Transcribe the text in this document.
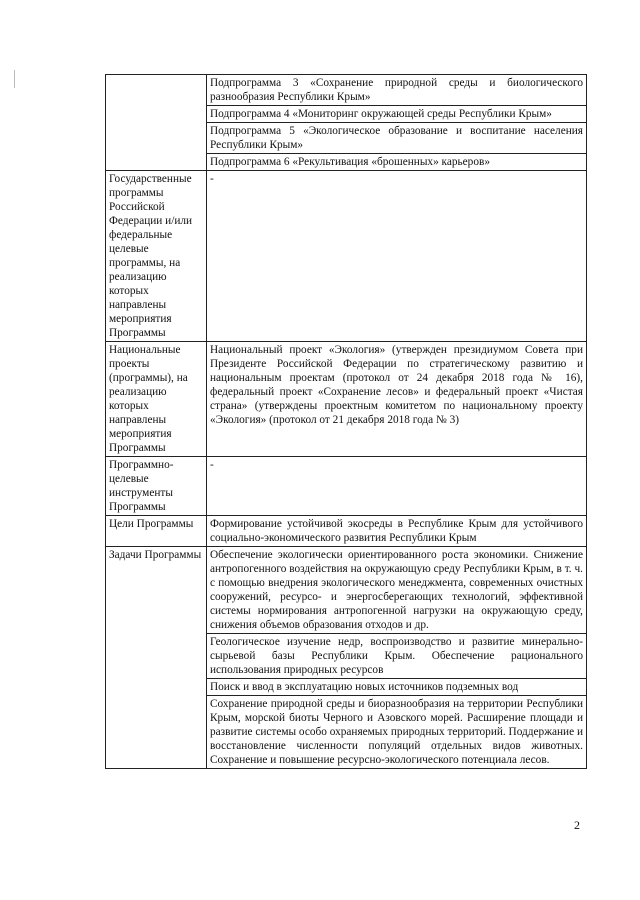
	Подпрограмма 3 «Сохранение природной среды и биологического разнообразия Республики Крым»
	Подпрограмма 4 «Мониторинг окружающей среды Республики Крым»
	Подпрограмма 5 «Экологическое образование и воспитание населения Республики Крым»
	Подпрограмма 6 «Рекультивация «брошенных» карьеров»
Государственные программы Российской Федерации и/или федеральные целевые программы, на реализацию которых направлены мероприятия Программы	-
Национальные проекты (программы), на реализацию которых направлены мероприятия Программы	Национальный проект «Экология» (утвержден президиумом Совета при Президенте Российской Федерации по стратегическому развитию и национальным проектам (протокол от 24 декабря 2018 года № 16), федеральный проект «Сохранение лесов» и федеральный проект «Чистая страна» (утверждены проектным комитетом по национальному проекту «Экология» (протокол от 21 декабря 2018 года № 3)
Программно-целевые инструменты Программы	-
Цели Программы	Формирование устойчивой экосреды в Республике Крым для устойчивого социально-экономического развития Республики Крым
Задачи Программы	Обеспечение экологически ориентированного роста экономики. Снижение антропогенного воздействия на окружающую среду Республики Крым, в т. ч. с помощью внедрения экологического менеджмента, современных очистных сооружений, ресурсо- и энергосберегающих технологий, эффективной системы нормирования антропогенной нагрузки на окружающую среду, снижения объемов образования отходов и др.
	Геологическое изучение недр, воспроизводство и развитие минерально-сырьевой базы Республики Крым. Обеспечение рационального использования природных ресурсов
	Поиск и ввод в эксплуатацию новых источников подземных вод
	Сохранение природной среды и биоразнообразия на территории Республики Крым, морской биоты Черного и Азовского морей. Расширение площади и развитие системы особо охраняемых природных территорий. Поддержание и восстановление численности популяций отдельных видов животных. Сохранение и повышение ресурсно-экологического потенциала лесов.
2
